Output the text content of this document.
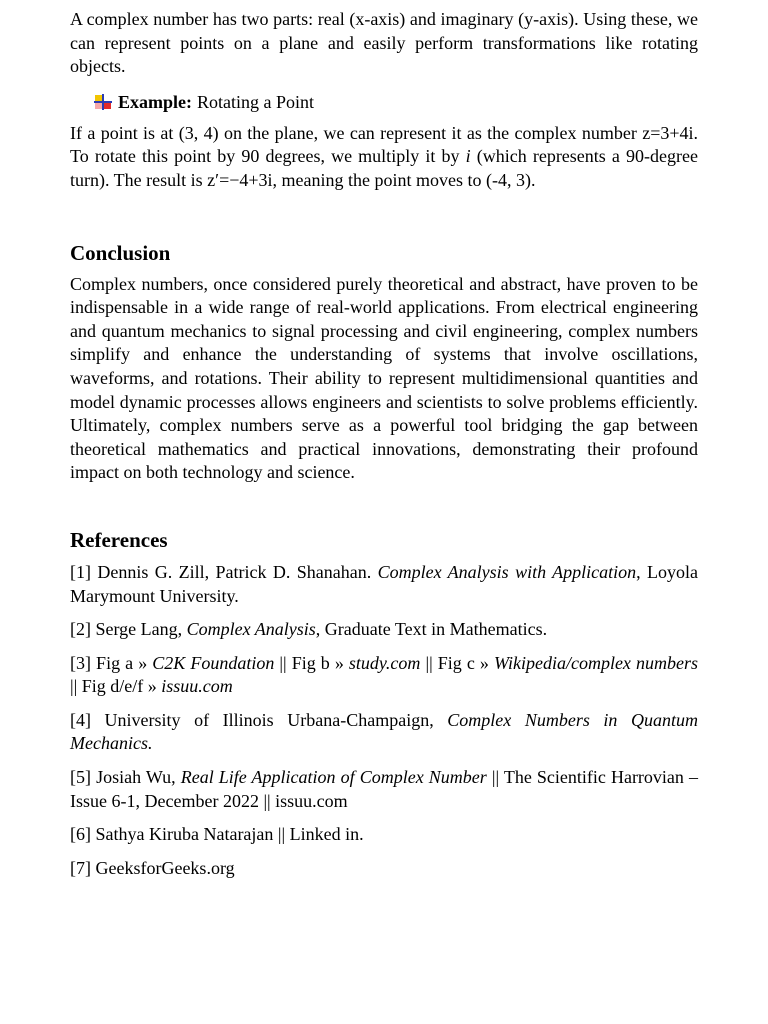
A complex number has two parts: real (x-axis) and imaginary (y-axis). Using these, we can represent points on a plane and easily perform transformations like rotating objects.

Example: Rotating a Point

If a point is at (3, 4) on the plane, we can represent it as the complex number z=3+4i. To rotate this point by 90 degrees, we multiply it by i (which represents a 90-degree turn). The result is z′=−4+3i, meaning the point moves to (-4, 3).

Conclusion

Complex numbers, once considered purely theoretical and abstract, have proven to be indispensable in a wide range of real-world applications. From electrical engineering and quantum mechanics to signal processing and civil engineering, complex numbers simplify and enhance the understanding of systems that involve oscillations, waveforms, and rotations. Their ability to represent multidimensional quantities and model dynamic processes allows engineers and scientists to solve problems efficiently. Ultimately, complex numbers serve as a powerful tool bridging the gap between theoretical mathematics and practical innovations, demonstrating their profound impact on both technology and science.

References

[1] Dennis G. Zill, Patrick D. Shanahan. Complex Analysis with Application, Loyola Marymount University.

[2] Serge Lang, Complex Analysis, Graduate Text in Mathematics.

[3] Fig a » C2K Foundation || Fig b » study.com || Fig c » Wikipedia/complex numbers || Fig d/e/f » issuu.com

[4] University of Illinois Urbana-Champaign, Complex Numbers in Quantum Mechanics.

[5] Josiah Wu, Real Life Application of Complex Number || The Scientific Harrovian – Issue 6-1, December 2022 || issuu.com

[6] Sathya Kiruba Natarajan || Linked in.

[7] GeeksforGeeks.org
